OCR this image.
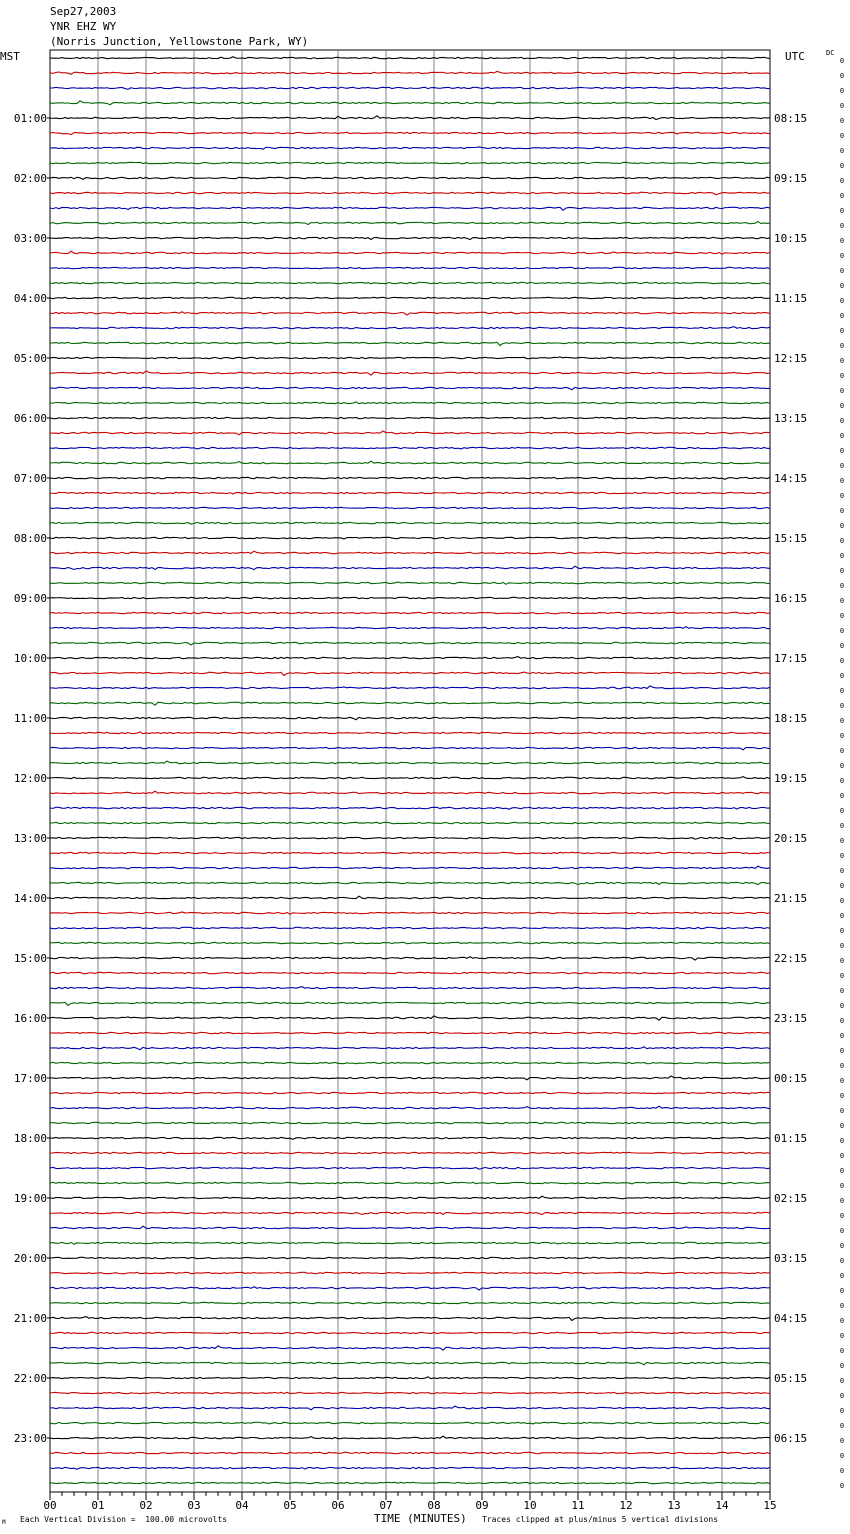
Sep27,2003
YNR EHZ WY
(Norris Junction, Yellowstone Park, WY)
MST	UTC	DC
01:00
02:00
03:00
04:00
05:00
06:00
07:00
08:00
09:00
10:00
11:00
12:00
13:00
14:00
15:00
16:00
17:00
18:00
19:00
20:00
21:00
22:00
23:00
08:15
09:15
10:15
11:15
12:15
13:15
14:15
15:15
16:15
17:15
18:15
19:15
20:15
21:15
22:15
23:15
00:15
01:15
02:15
03:15
04:15
05:15
06:15
0
0
0
0
0
0
0
0
0
0
0
0
0
0
0
0
0
0
0
0
0
0
0
0
0
0
0
0
0
0
0
0
0
0
0
0
0
0
0
0
0
0
0
0
0
0
0
0
0
0
0
0
0
0
0
0
0
0
0
0
0
0
0
0
0
0
0
0
0
0
0
0
0
0
0
0
0
0
0
0
0
0
0
0
0
0
0
0
0
0
0
0
0
0
0
0
00	01	02	03	04	05	06	07	08	09	10	11	12	13	14	15
Each Vertical Division =  100.00 microvolts	TIME (MINUTES) Traces clipped at plus/minus 5 vertical divisions
M
